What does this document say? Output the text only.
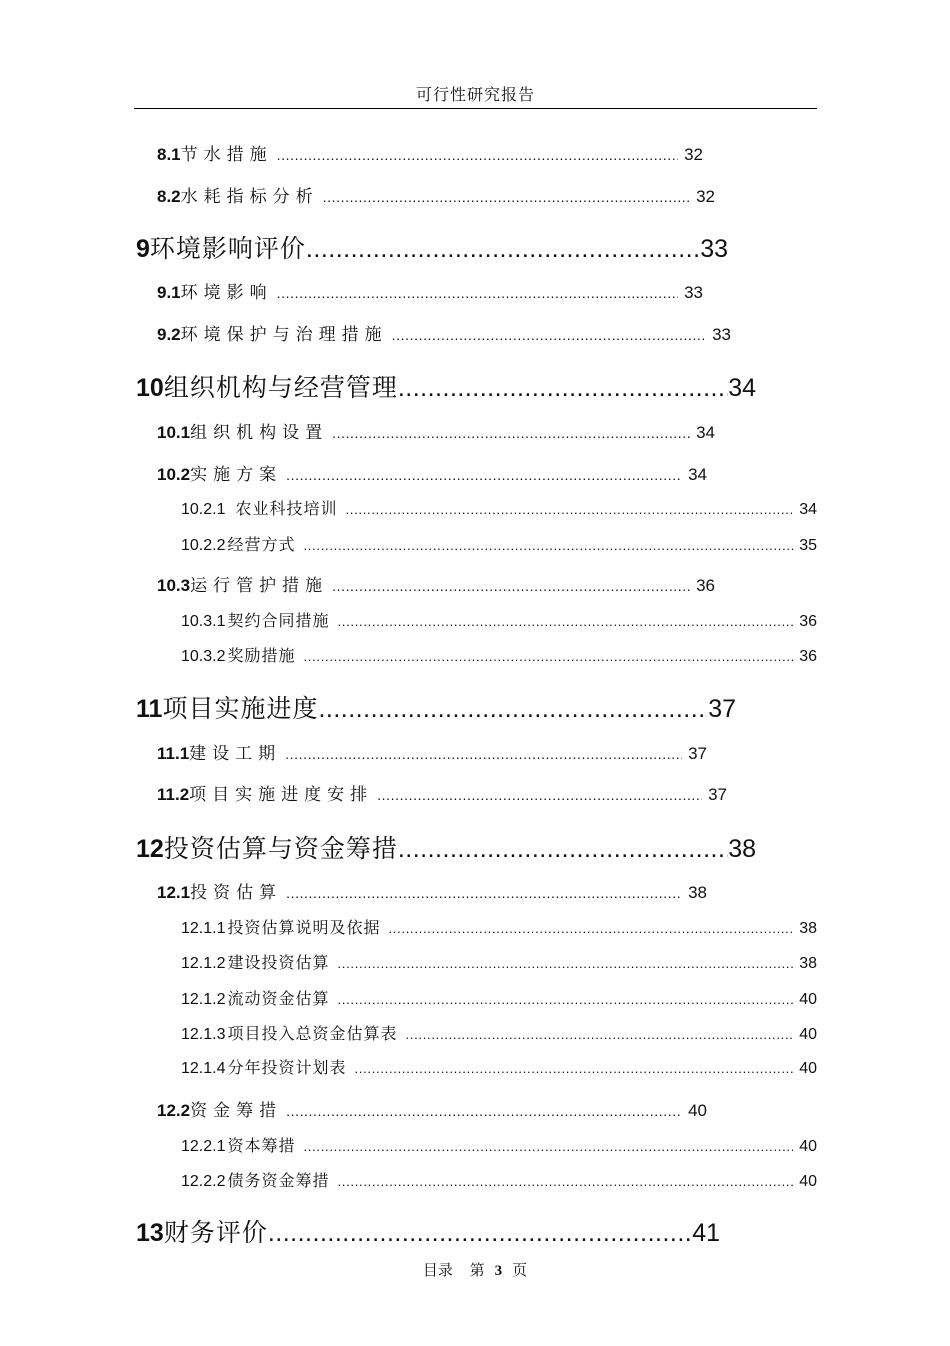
可行性研究报告
8.1 节水措施 .....	32
8.2 水耗指标分析 .....	32
9 环境影响评价 .....	33
9.1 环境影响 .....	33
9.2 环境保护与治理措施 .....	33
10 组织机构与经营管理 .....	34
10.1 组织机构设置 .....	34
10.2 实施方案 .....	34
10.2.1 农业科技培训 .....	34
10.2.2 经营方式 .....	35
10.3 运行管护措施 .....	36
10.3.1 契约合同措施 .....	36
10.3.2 奖励措施 .....	36
11 项目实施进度 .....	37
11.1 建设工期 .....	37
11.2 项目实施进度安排 .....	37
12 投资估算与资金筹措 .....	38
12.1 投资估算 .....	38
12.1.1 投资估算说明及依据 .....	38
12.1.2 建设投资估算 .....	38
12.1.2 流动资金估算 .....	40
12.1.3 项目投入总资金估算表 .....	40
12.1.4 分年投资计划表 .....	40
12.2 资金筹措 .....	40
12.2.1 资本筹措 .....	40
12.2.2 债务资金筹措 .....	40
13 财务评价 .....	41
目录 第 3 页
